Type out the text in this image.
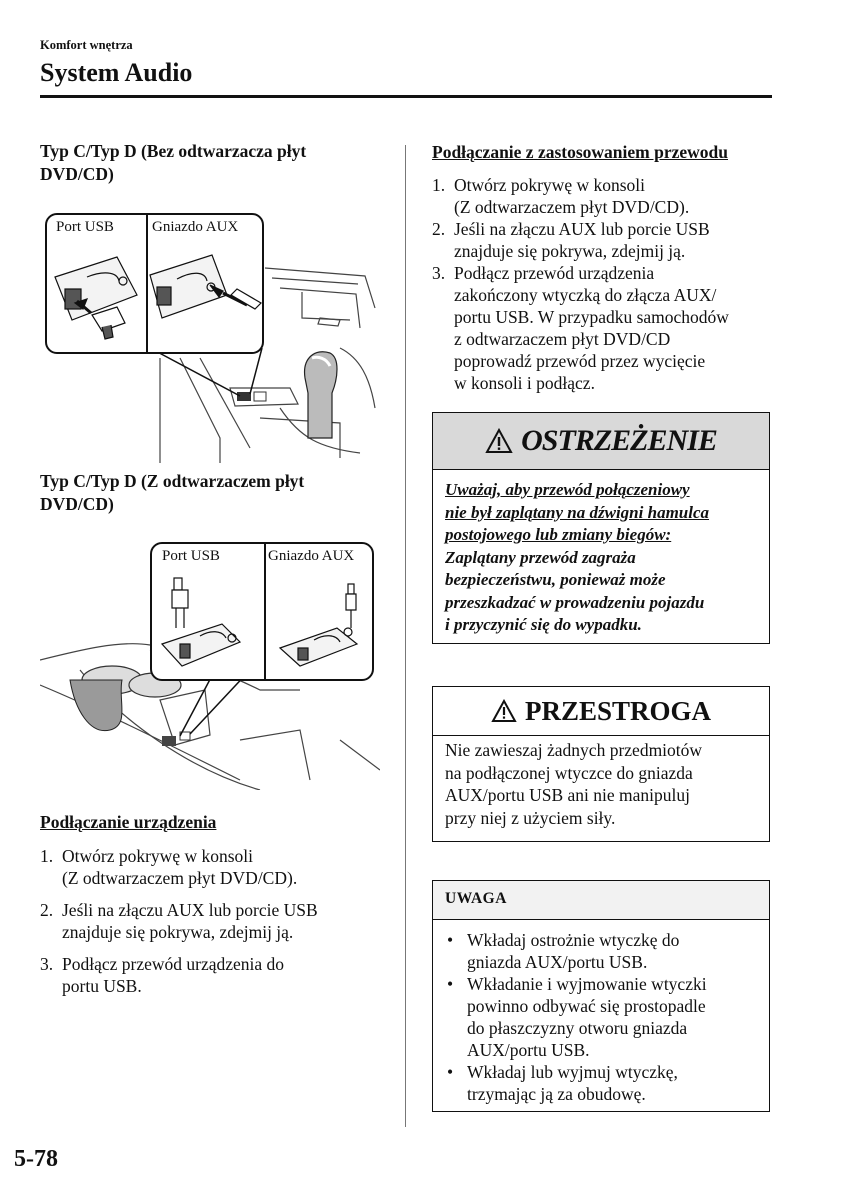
Komfort wnętrza
System Audio
Typ C/Typ D (Bez odtwarzacza płyt
DVD/CD)
Port USB	Gniazdo AUX
Typ C/Typ D (Z odtwarzaczem płyt
DVD/CD)
Port USB	Gniazdo AUX
Podłączanie urządzenia
1. Otwórz pokrywę w konsoli
(Z odtwarzaczem płyt DVD/CD).
2. Jeśli na złączu AUX lub porcie USB
znajduje się pokrywa, zdejmij ją.
3. Podłącz przewód urządzenia do
portu USB.
Podłączanie z zastosowaniem przewodu
1. Otwórz pokrywę w konsoli
(Z odtwarzaczem płyt DVD/CD).
2. Jeśli na złączu AUX lub porcie USB
znajduje się pokrywa, zdejmij ją.
3. Podłącz przewód urządzenia
zakończony wtyczką do złącza AUX/
portu USB. W przypadku samochodów
z odtwarzaczem płyt DVD/CD
poprowadź przewód przez wycięcie
w konsoli i podłącz.
OSTRZEŻENIE
Uważaj, aby przewód połączeniowy
nie był zaplątany na dźwigni hamulca
postojowego lub zmiany biegów:
Zaplątany przewód zagraża
bezpieczeństwu, ponieważ może
przeszkadzać w prowadzeniu pojazdu
i przyczynić się do wypadku.
PRZESTROGA
Nie zawieszaj żadnych przedmiotów
na podłączonej wtyczce do gniazda
AUX/portu USB ani nie manipuluj
przy niej z użyciem siły.
UWAGA
• Wkładaj ostrożnie wtyczkę do
gniazda AUX/portu USB.
• Wkładanie i wyjmowanie wtyczki
powinno odbywać się prostopadle
do płaszczyzny otworu gniazda
AUX/portu USB.
• Wkładaj lub wyjmuj wtyczkę,
trzymając ją za obudowę.
5-78
